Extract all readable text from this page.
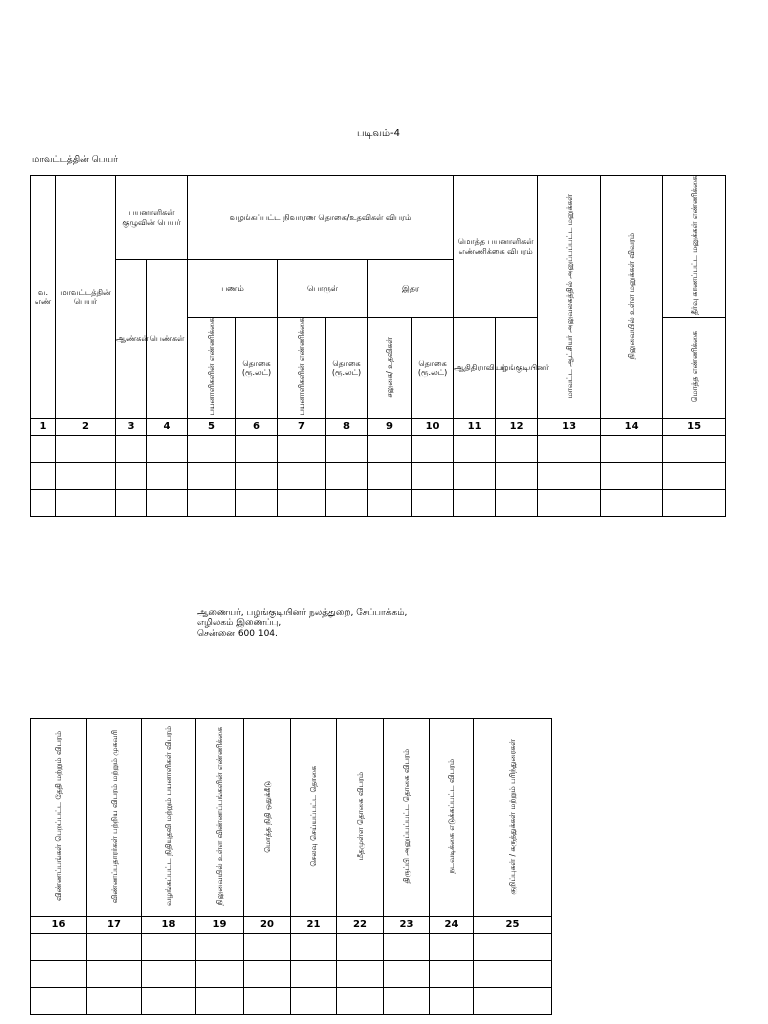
படிவம்-4
மாவட்டத்தின் பெயர்
வ. எண்	மாவட்டத்தின் பெயர்	பயனாளிகள் குழுவின் பெயர்		வழங்கப்பட்ட நிவாரண தொகை/உதவிகள் விபரம்						மொத்த பயனாளிகள் எண்ணிக்கை விபரம்		மாவட்ட ஆட்சியர் அலுவலகத்தில் அனுப்பப்பட்ட மனுக்கள்	நிலுவையில் உள்ள மனுக்கள் விவரம்	தீர்வு காணப்பட்ட மனுக்கள் எண்ணிக்கை
		ஆண்கள்	பெண்கள்	பணம்		பொருள்		இதர						
				பயனாளிகளின் எண்ணிக்கை	தொகை (ரூ.லட்)	பயனாளிகளின் எண்ணிக்கை	தொகை (ரூ.லட்)	சலுகை/ உதவிகள்	தொகை (ரூ.லட்)	ஆதிதிராவிடர்	பழங்குடியினர்			மொத்த எண்ணிக்கை
1	2	3	4	5	6	7	8	9	10	11	12	13	14	15

ஆணையர், பழங்குடியினர் நலத்துறை, சேப்பாக்கம்,
எழிலகம் இணைப்பு,
சென்னை 600 104.
விண்ணப்பங்கள் பெறப்பட்ட தேதி மற்றும் விபரம்	விண்ணப்பதாரர்கள் பற்றிய விபரம் மற்றும் முகவரி	வழங்கப்பட்ட நிதியுதவி மற்றும் பயனாளிகள் விபரம்	நிலுவையில் உள்ள விண்ணப்பங்களின் எண்ணிக்கை	மொத்த நிதி ஒதுக்கீடு	செலவு செய்யப்பட்ட தொகை	மீதமுள்ள தொகை விபரம்	திருப்பி அனுப்பப்பட்ட தொகை விபரம்	நடவடிக்கை எடுக்கப்பட்ட விபரம்	குறிப்புகள் / கருத்துக்கள் மற்றும் பரிந்துரைகள்
16	17	18	19	20	21	22	23	24	25
